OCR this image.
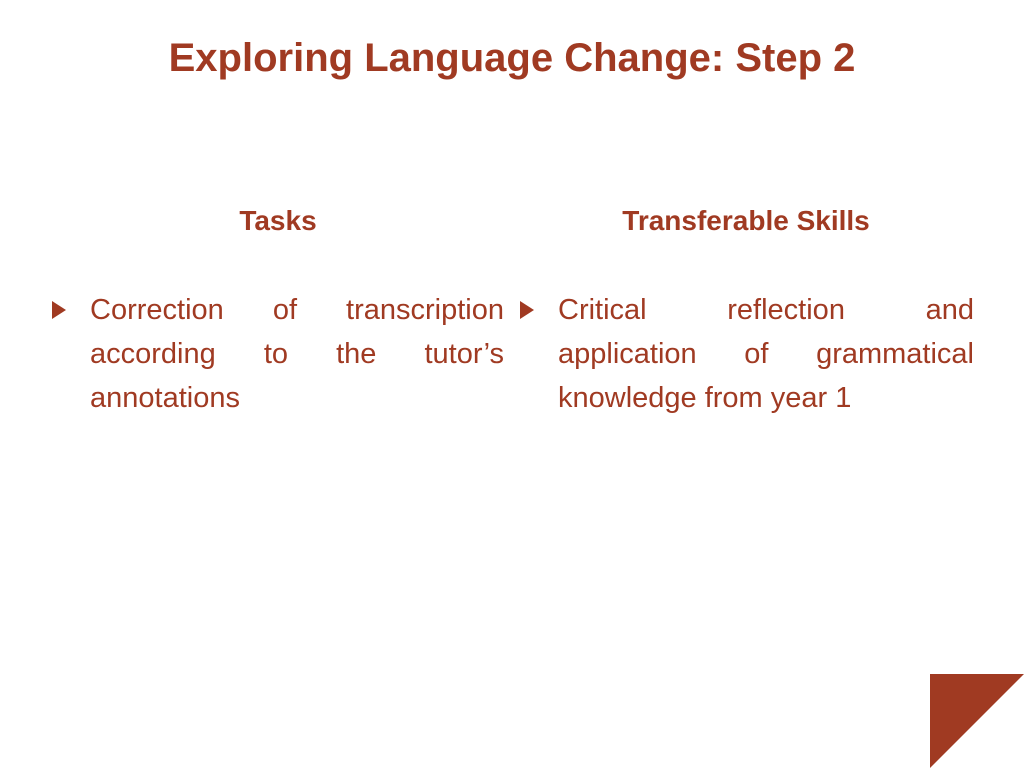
Exploring Language Change: Step 2
Tasks	Transferable Skills

Correction of transcription according to the tutor’s annotations

Critical reflection and application of grammatical knowledge from year 1
